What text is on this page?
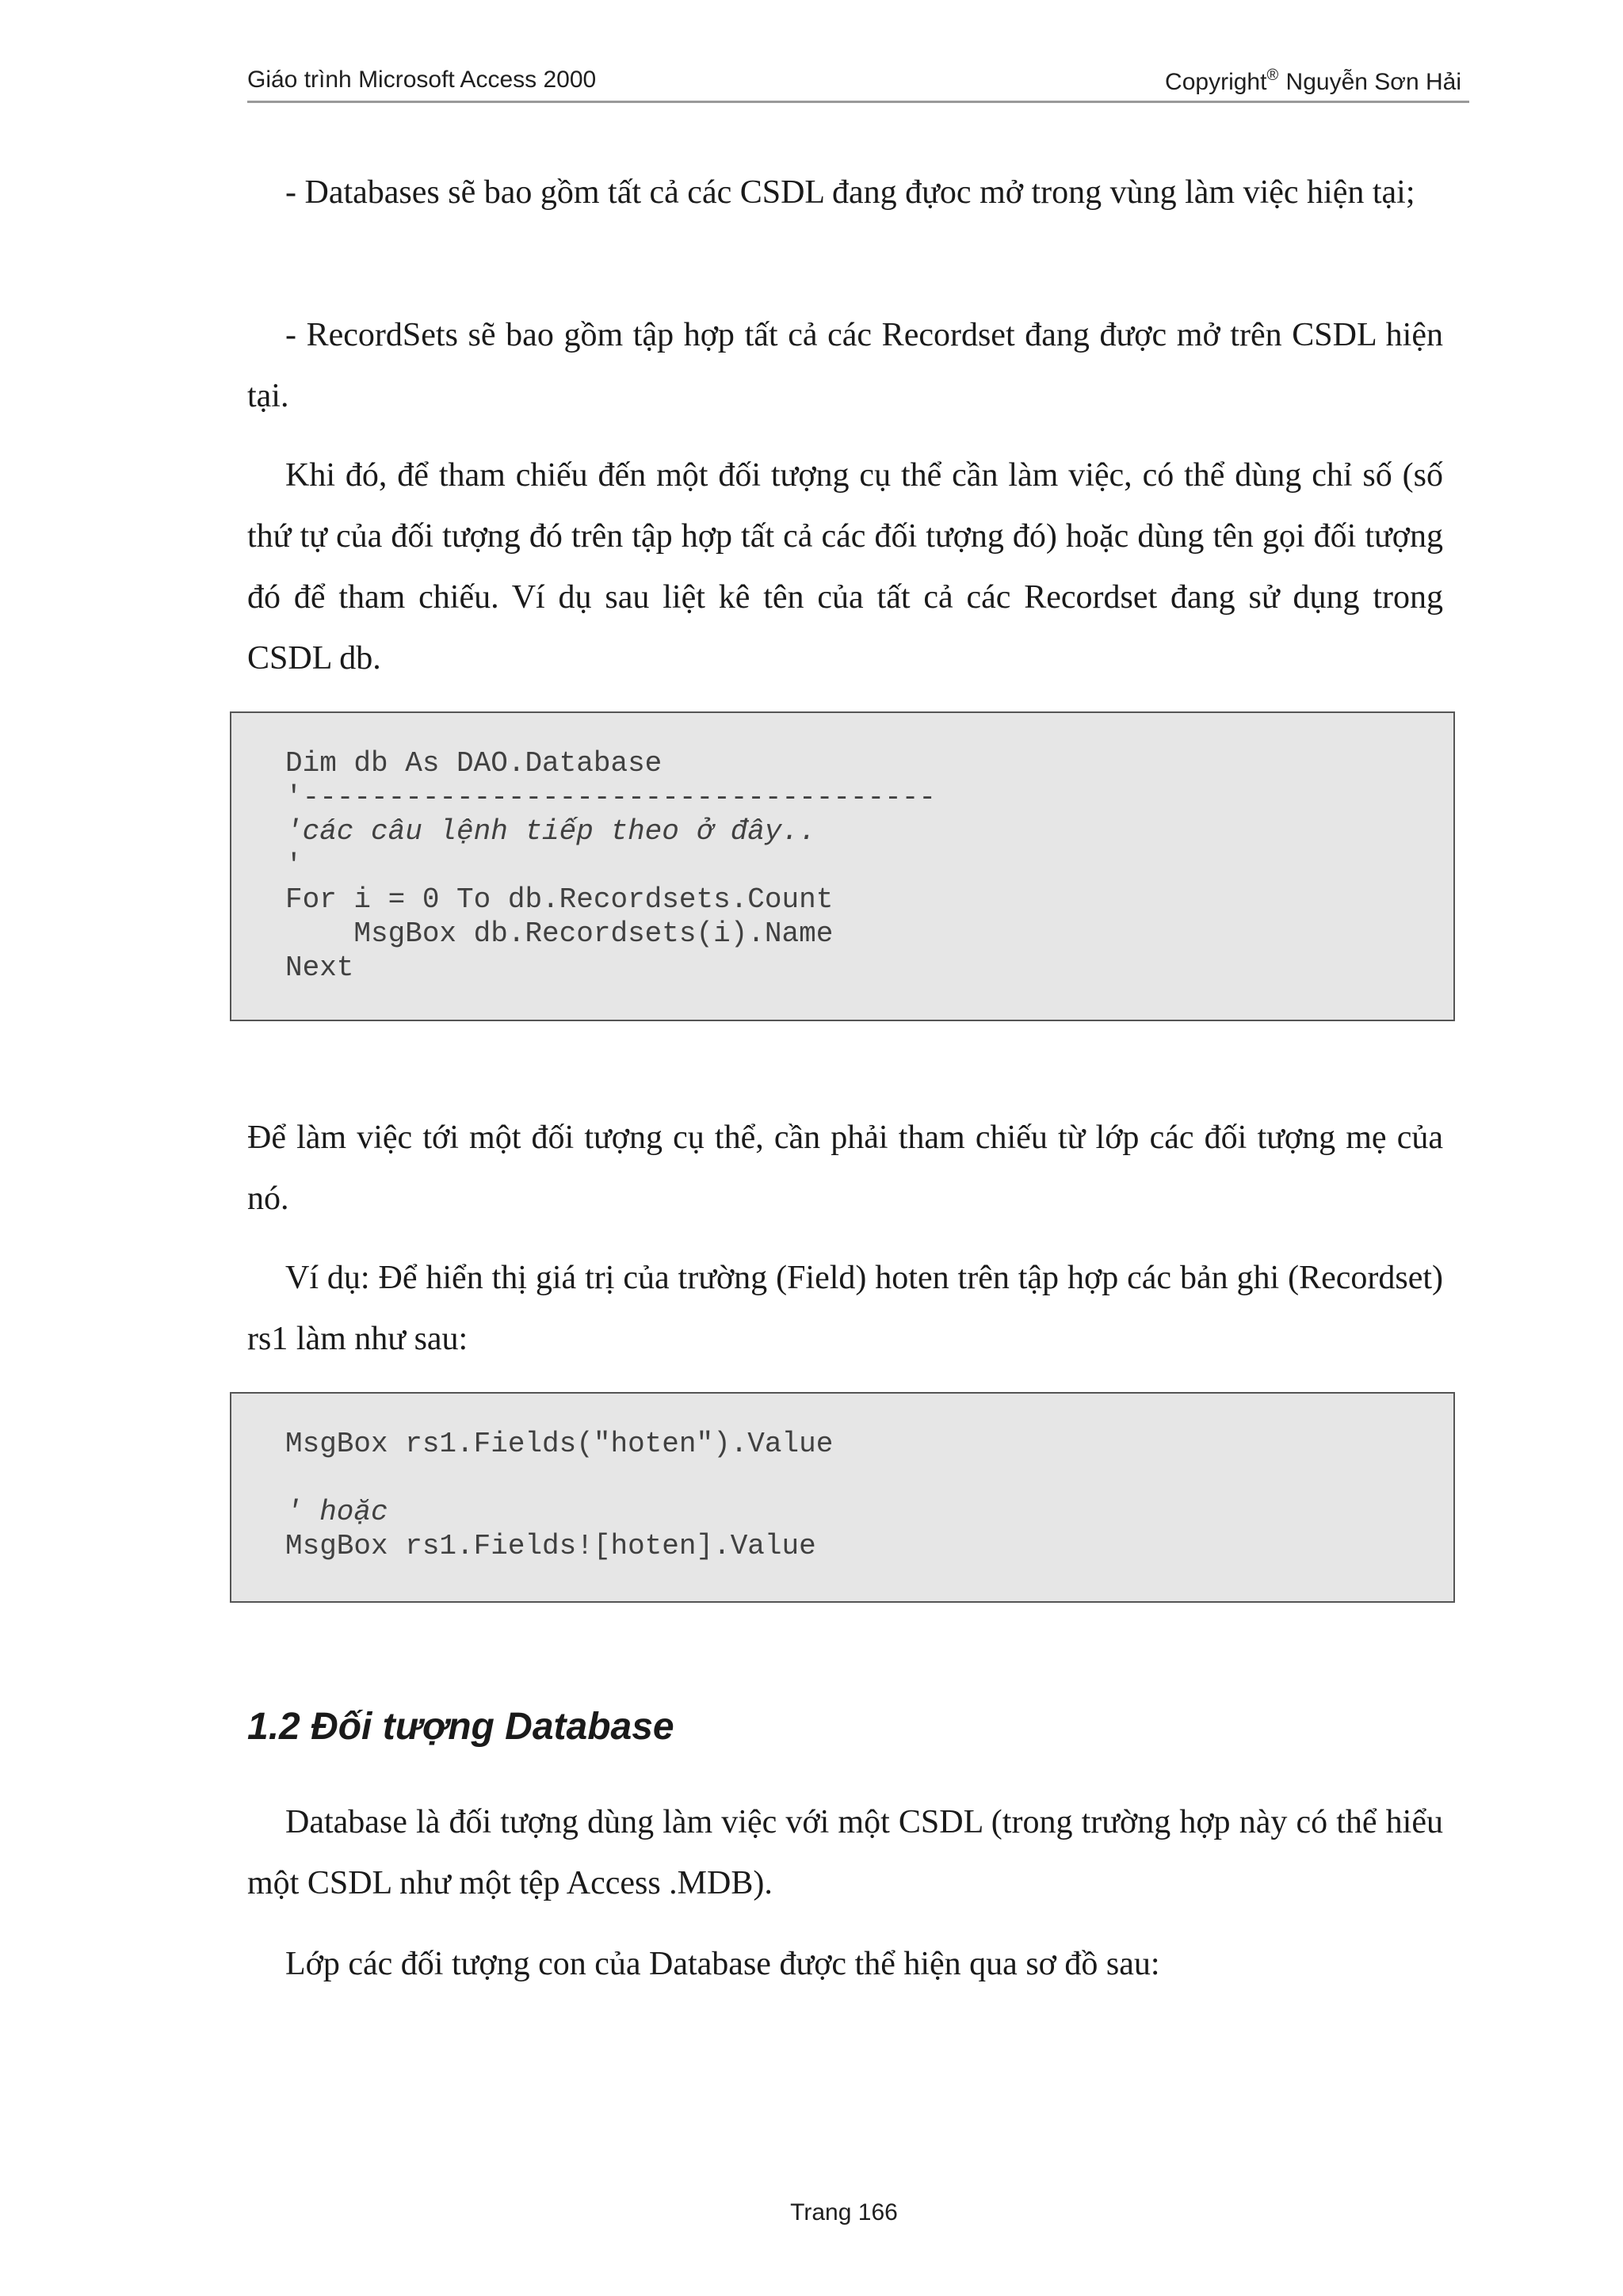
Giáo trình Microsoft Access 2000	Copyright® Nguyễn Sơn Hải

- Databases sẽ bao gồm tất cả các CSDL đang đựoc mở trong vùng làm việc hiện tại;

- RecordSets sẽ bao gồm tập hợp tất cả các Recordset đang được mở trên CSDL hiện tại.

Khi đó, để tham chiếu đến một đối tượng cụ thể cần làm việc, có thể dùng chỉ số (số thứ tự của đối tượng đó trên tập hợp tất cả các đối tượng đó) hoặc dùng tên gọi đối tượng đó để tham chiếu. Ví dụ sau liệt kê tên của tất cả các Recordset đang sử dụng trong CSDL db.

Dim db As DAO.Database
'-------------------------------------
'các câu lệnh tiếp theo ở đây..
'
For i = 0 To db.Recordsets.Count
MsgBox db.Recordsets(i).Name
Next

Để làm việc tới một đối tượng cụ thể, cần phải tham chiếu từ lớp các đối tượng mẹ của nó.

Ví dụ: Để hiển thị giá trị của trường (Field) hoten trên tập hợp các bản ghi (Recordset) rs1 làm như sau:

MsgBox rs1.Fields("hoten").Value
' hoặc
MsgBox rs1.Fields![hoten].Value
1.2 Đối tượng Database

Database là đối tượng dùng làm việc với một CSDL (trong trường hợp này có thể hiểu một CSDL như một tệp Access .MDB).

Lớp các đối tượng con của Database được thể hiện qua sơ đồ sau:

Trang 166
